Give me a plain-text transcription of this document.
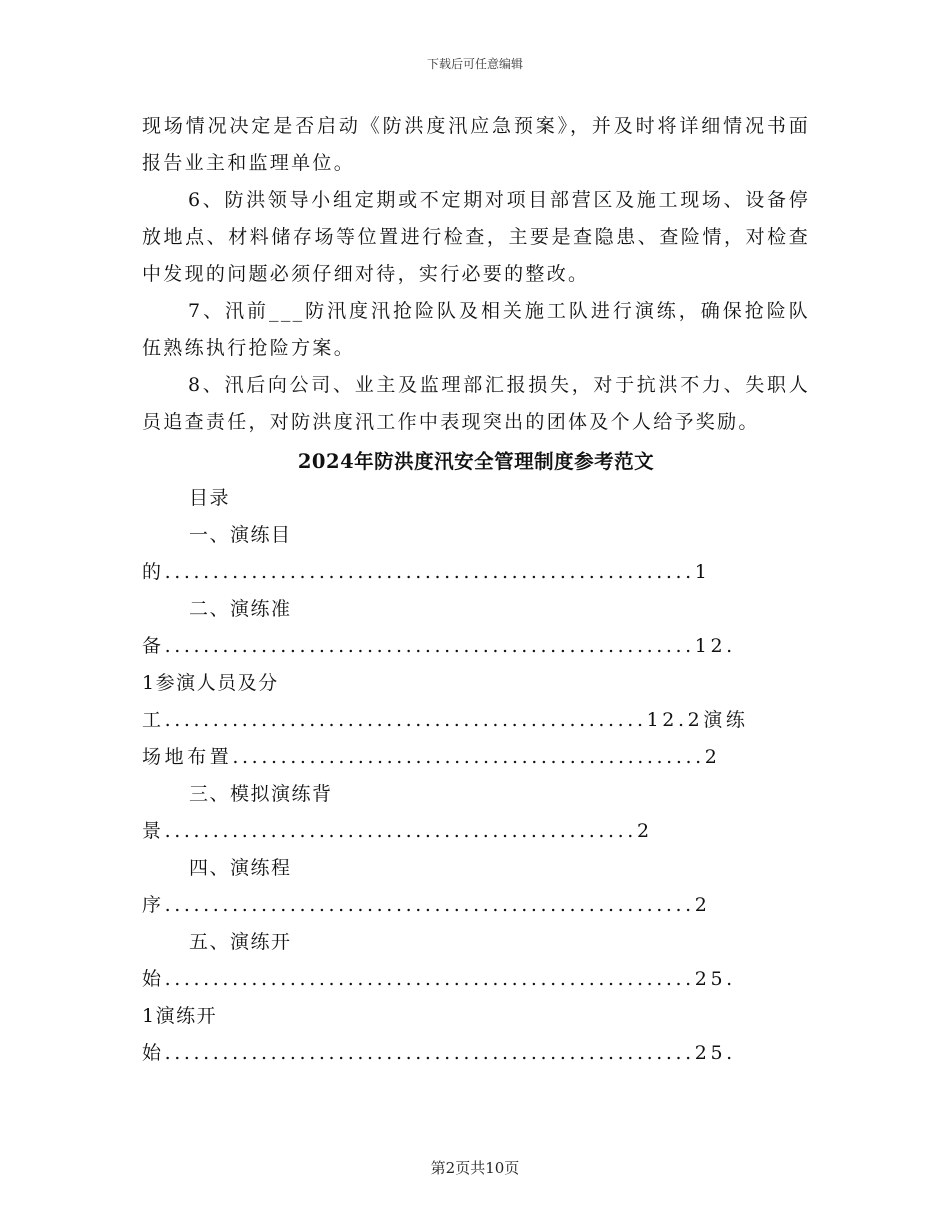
下载后可任意编辑

现场情况决定是否启动《防洪度汛应急预案》，并及时将详细情况书面报告业主和监理单位。

6、防洪领导小组定期或不定期对项目部营区及施工现场、设备停放地点、材料储存场等位置进行检查，主要是查隐患、查险情，对检查中发现的问题必须仔细对待，实行必要的整改。

7、汛前___防汛度汛抢险队及相关施工队进行演练，确保抢险队伍熟练执行抢险方案。

8、汛后向公司、业主及监理部汇报损失，对于抗洪不力、失职人员追查责任，对防洪度汛工作中表现突出的团体及个人给予奖励。

2024年防洪度汛安全管理制度参考范文
目录
一、演练目
的.......................................................1
二、演练准
备.......................................................12.
1参演人员及分
工..................................................12.2演练
场地布置.................................................2
三、模拟演练背
景.................................................2
四、演练程
序.......................................................2
五、演练开
始.......................................................25.
1演练开
始.......................................................25.
第2页共10页
